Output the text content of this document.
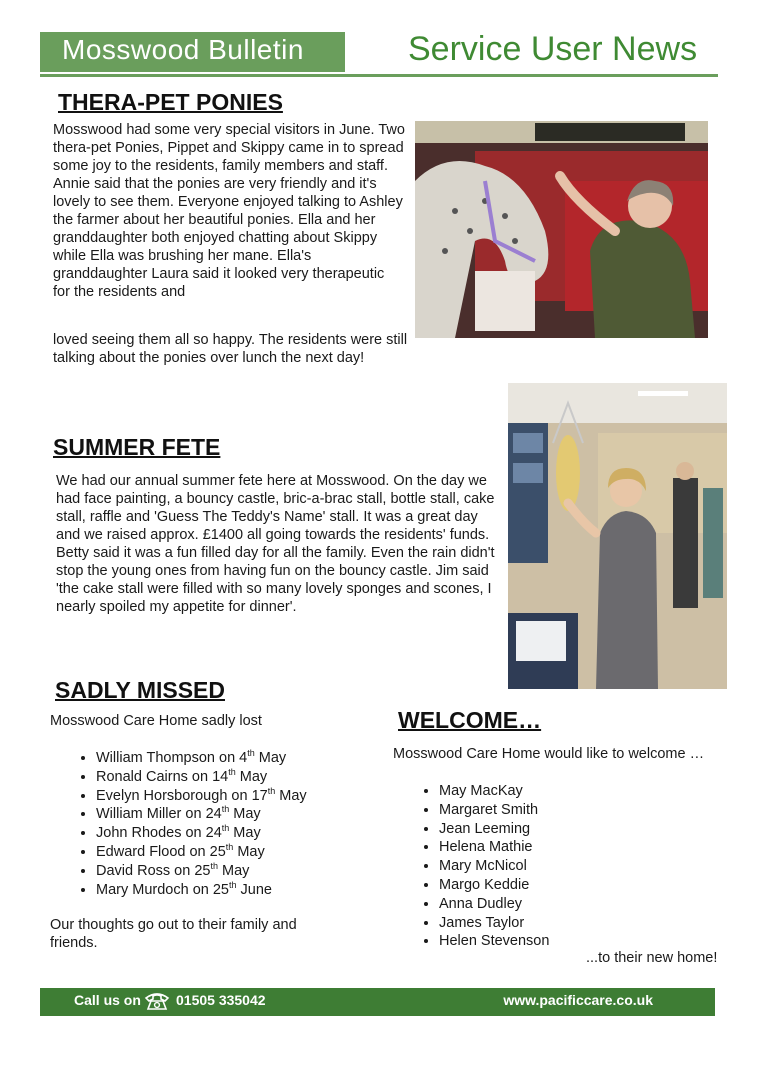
Mosswood Bulletin	Service User News
THERA-PET PONIES
Mosswood had some very special visitors in June. Two thera-pet Ponies, Pippet and Skippy came in to spread some joy to the residents, family members and staff. Annie said that the ponies are very friendly and it's lovely to see them. Everyone enjoyed talking to Ashley the farmer about her beautiful ponies. Ella and her granddaughter both enjoyed chatting about Skippy while Ella was brushing her mane. Ella's granddaughter Laura said it looked very therapeutic for the residents and
loved seeing them all so happy. The residents were still talking about the ponies over lunch the next day!
SUMMER FETE
We had our annual summer fete here at Mosswood. On the day we had face painting, a bouncy castle, bric-a-brac stall, bottle stall, cake stall, raffle and 'Guess The Teddy's Name' stall. It was a great day and we raised approx. £1400 all going towards the residents' funds. Betty said it was a fun filled day for all the family. Even the rain didn't stop the young ones from having fun on the bouncy castle. Jim said 'the cake stall were filled with so many lovely sponges and scones, I nearly spoiled my appetite for dinner'.
SADLY MISSED
Mosswood Care Home sadly lost
• William Thompson on 4th May
• Ronald Cairns on 14th May
• Evelyn Horsborough on 17th May
• William Miller on 24th May
• John Rhodes on 24th May
• Edward Flood on 25th May
• David Ross on 25th May
• Mary Murdoch on 25th June
Our thoughts go out to their family and friends.
WELCOME…
Mosswood Care Home would like to welcome …
• May MacKay
• Margaret Smith
• Jean Leeming
• Helena Mathie
• Mary McNicol
• Margo Keddie
• Anna Dudley
• James Taylor
• Helen Stevenson
...to their new home!
Call us on	01505 335042	www.pacificcare.co.uk
